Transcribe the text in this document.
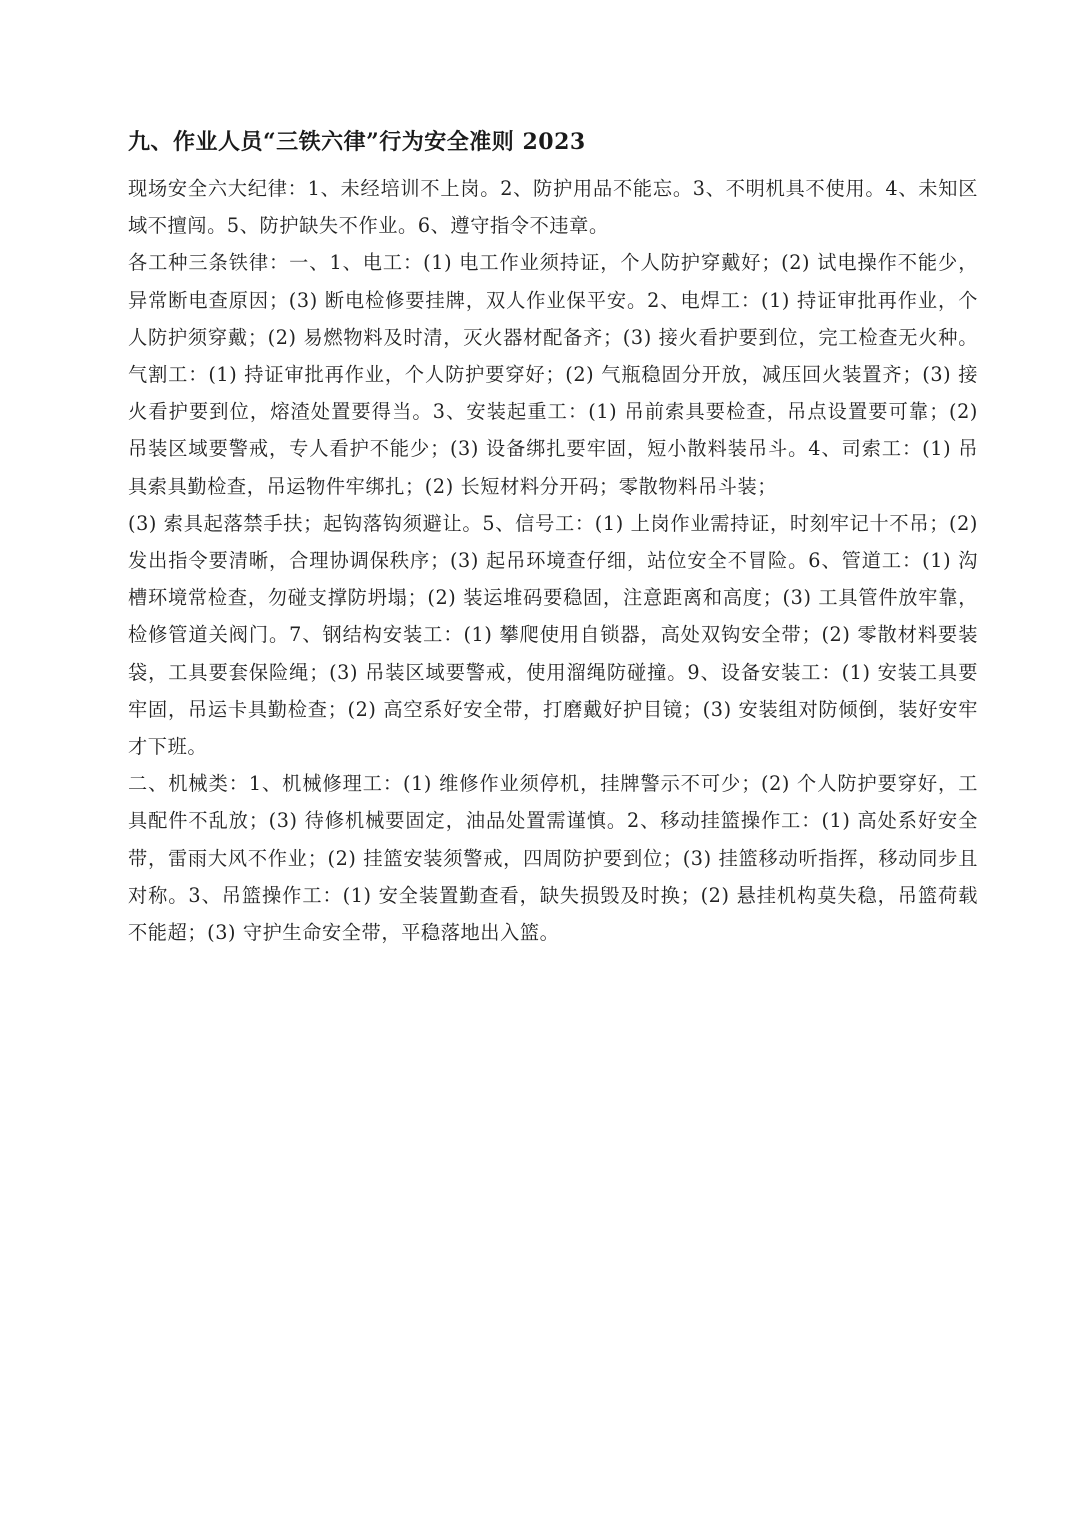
九、作业人员“三铁六律”行为安全准则 2023

现场安全六大纪律：1、未经培训不上岗。2、防护用品不能忘。3、不明机具不使用。4、未知区域不擅闯。5、防护缺失不作业。6、遵守指令不违章。

各工种三条铁律：一、1、电工：(1) 电工作业须持证，个人防护穿戴好；(2) 试电操作不能少，异常断电查原因；(3) 断电检修要挂牌，双人作业保平安。2、电焊工：(1) 持证审批再作业，个人防护须穿戴；(2) 易燃物料及时清，灭火器材配备齐；(3) 接火看护要到位，完工检查无火种。气割工：(1) 持证审批再作业，个人防护要穿好；(2) 气瓶稳固分开放，减压回火装置齐；(3) 接火看护要到位，熔渣处置要得当。3、安装起重工：(1) 吊前索具要检查，吊点设置要可靠；(2) 吊装区域要警戒，专人看护不能少；(3) 设备绑扎要牢固，短小散料装吊斗。4、司索工：(1) 吊具索具勤检查，吊运物件牢绑扎；(2) 长短材料分开码；零散物料吊斗装；

(3) 索具起落禁手扶；起钩落钩须避让。5、信号工：(1) 上岗作业需持证，时刻牢记十不吊；(2) 发出指令要清晰，合理协调保秩序；(3) 起吊环境查仔细，站位安全不冒险。6、管道工：(1) 沟槽环境常检查，勿碰支撑防坍塌；(2) 装运堆码要稳固，注意距离和高度；(3) 工具管件放牢靠，检修管道关阀门。7、钢结构安装工：(1) 攀爬使用自锁器，高处双钩安全带；(2) 零散材料要装袋，工具要套保险绳；(3) 吊装区域要警戒，使用溜绳防碰撞。9、设备安装工：(1) 安装工具要牢固，吊运卡具勤检查；(2) 高空系好安全带，打磨戴好护目镜；(3) 安装组对防倾倒，装好安牢才下班。

二、机械类：1、机械修理工：(1) 维修作业须停机，挂牌警示不可少；(2) 个人防护要穿好，工具配件不乱放；(3) 待修机械要固定，油品处置需谨慎。2、移动挂篮操作工：(1) 高处系好安全带，雷雨大风不作业；(2) 挂篮安装须警戒，四周防护要到位；(3) 挂篮移动听指挥，移动同步且对称。3、吊篮操作工：(1) 安全装置勤查看，缺失损毁及时换；(2) 悬挂机构莫失稳，吊篮荷载不能超；(3) 守护生命安全带，平稳落地出入篮。
